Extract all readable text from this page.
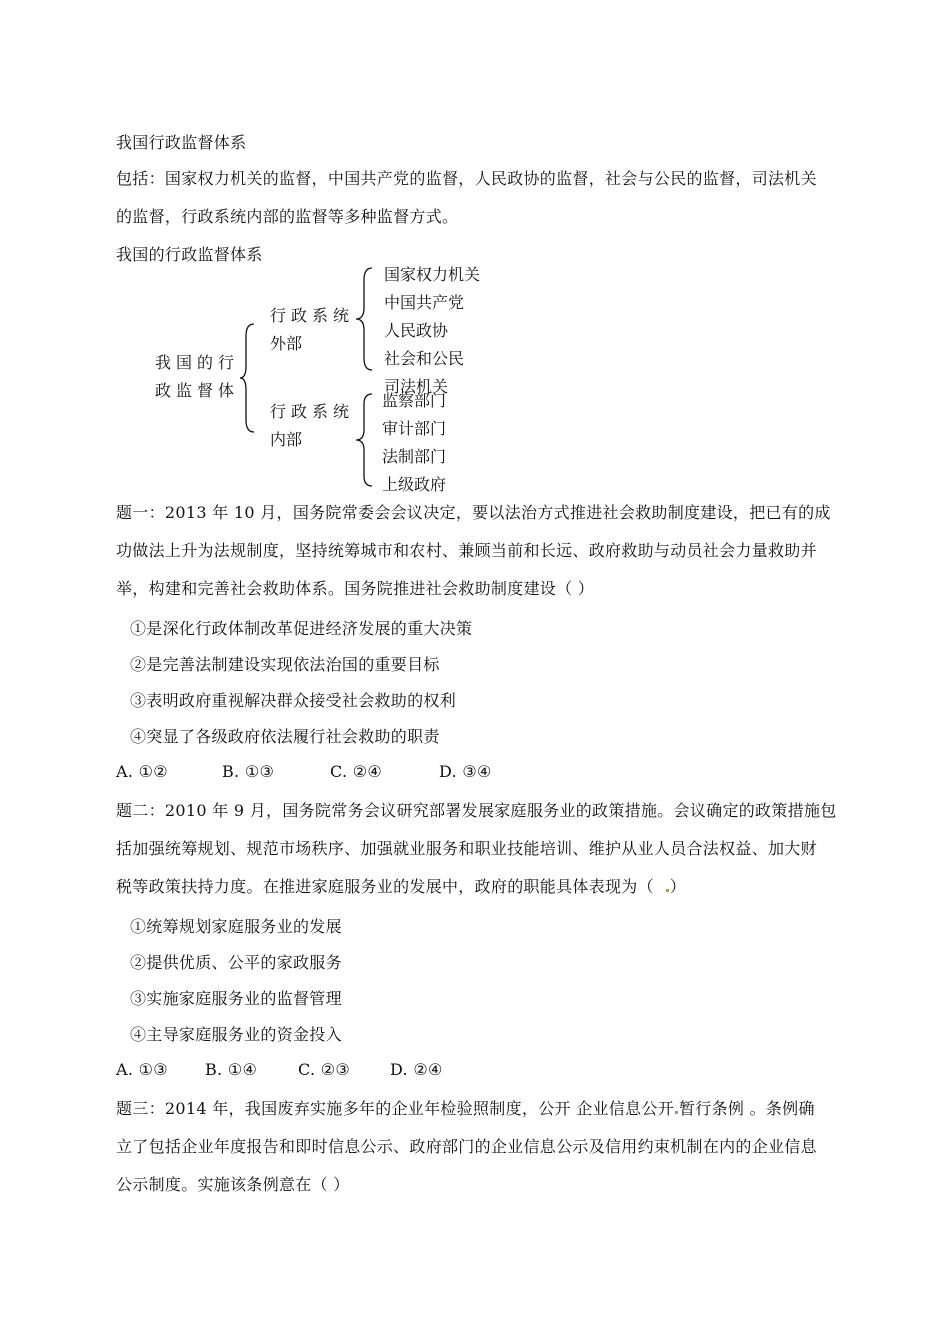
我国行政监督体系
包括：国家权力机关的监督，中国共产党的监督，人民政协的监督，社会与公民的监督，司法机关
的监督，行政系统内部的监督等多种监督方式。
我国的行政监督体系
我国的行
政监督体
行政系统
外部
国家权力机关
中国共产党
人民政协
社会和公民
司法机关
行政系统
内部
监察部门
审计部门
法制部门
上级政府
题一：2013 年 10 月，国务院常委会会议决定，要以法治方式推进社会救助制度建设，把已有的成
功做法上升为法规制度，坚持统筹城市和农村、兼顾当前和长远、政府救助与动员社会力量救助并
举，构建和完善社会救助体系。国务院推进社会救助制度建设（ ）
①是深化行政体制改革促进经济发展的重大决策
②是完善法制建设实现依法治国的重要目标
③表明政府重视解决群众接受社会救助的权利
④突显了各级政府依法履行社会救助的职责
A. ①②	B. ①③	C. ②④	D. ③④
题二：2010 年 9 月，国务院常务会议研究部署发展家庭服务业的政策措施。会议确定的政策措施包
括加强统筹规划、规范市场秩序、加强就业服务和职业技能培训、维护从业人员合法权益、加大财
税等政策扶持力度。在推进家庭服务业的发展中，政府的职能具体表现为（ ）
①统筹规划家庭服务业的发展
②提供优质、公平的家政服务
③实施家庭服务业的监督管理
④主导家庭服务业的资金投入
A. ①③ B. ①④	C. ②③ D. ②④
题三：2014 年，我国废弃实施多年的企业年检验照制度，公开 企业信息公开 暂行条例 。条例确
立了包括企业年度报告和即时信息公示、政府部门的企业信息公示及信用约束机制在内的企业信息
公示制度。实施该条例意在（ ）
